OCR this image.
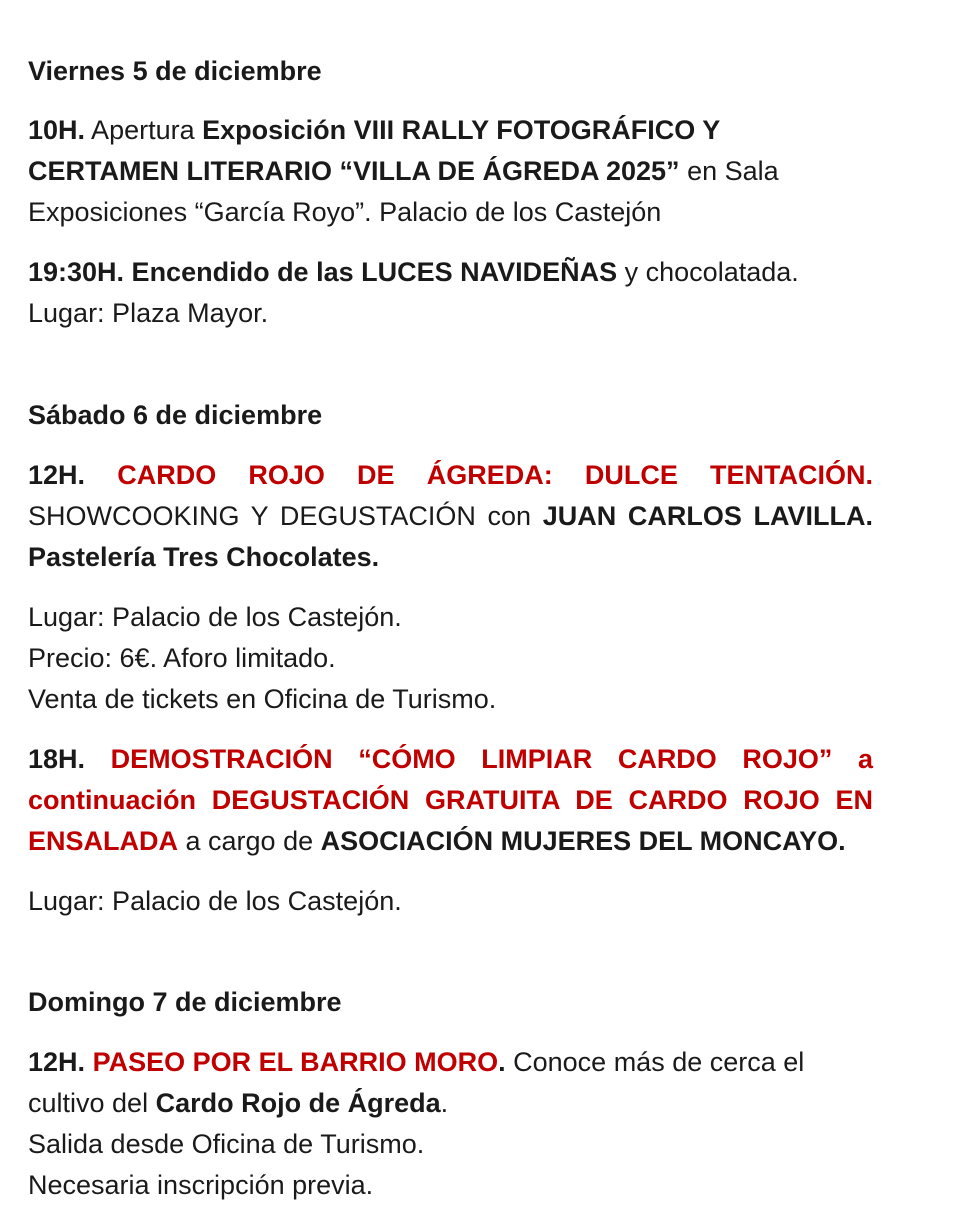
Viernes 5 de diciembre

10H. Apertura Exposición VIII RALLY FOTOGRÁFICO Y CERTAMEN LITERARIO “VILLA DE ÁGREDA 2025” en Sala Exposiciones “García Royo”. Palacio de los Castejón

19:30H. Encendido de las LUCES NAVIDEÑAS y chocolatada.

Lugar: Plaza Mayor.

Sábado 6 de diciembre

12H. CARDO ROJO DE ÁGREDA: DULCE TENTACIÓN.

SHOWCOOKING Y DEGUSTACIÓN con JUAN CARLOS LAVILLA.

Pastelería Tres Chocolates.

Lugar: Palacio de los Castejón.

Precio: 6€. Aforo limitado.

Venta de tickets en Oficina de Turismo.

18H. DEMOSTRACIÓN “CÓMO LIMPIAR CARDO ROJO” a continuación DEGUSTACIÓN GRATUITA DE CARDO ROJO EN ENSALADA a cargo de ASOCIACIÓN MUJERES DEL MONCAYO.

Lugar: Palacio de los Castejón.

Domingo 7 de diciembre

12H. PASEO POR EL BARRIO MORO. Conoce más de cerca el cultivo del Cardo Rojo de Ágreda.

Salida desde Oficina de Turismo.

Necesaria inscripción previa.
